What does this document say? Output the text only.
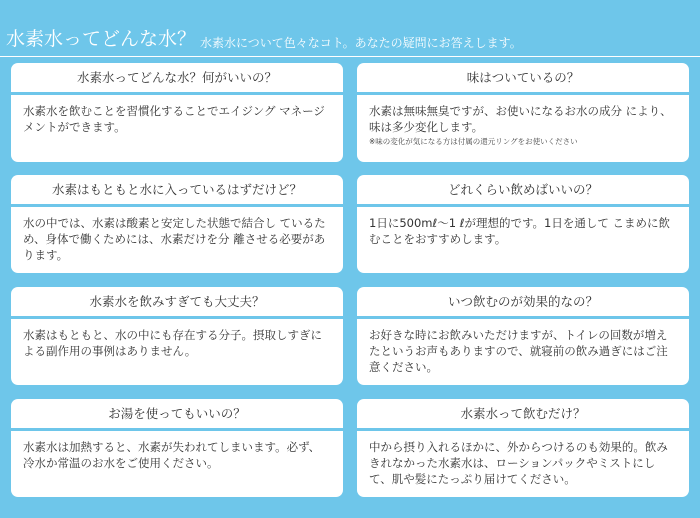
水素水ってどんな水？ 水素水について色々なコト。あなたの疑問にお答えします。
水素水ってどんな水？何がいいの？
水素水を飲むことを習慣化することでエイジング マネージメントができます。
味はついているの？
水素は無味無臭ですが、お使いになるお水の成分 により、味は多少変化します。
※味の変化が気になる方は付属の還元リングをお使いください
水素はもともと水に入っているはずだけど？
水の中では、水素は酸素と安定した状態で結合し ているため、身体で働くためには、水素だけを分 離させる必要があります。
どれくらい飲めばいいの？
1日に500mℓ～1 ℓが理想的です。1日を通して こまめに飲むことをおすすめします。
水素水を飲みすぎても大丈夫？
水素はもともと、水の中にも存在する分子。摂取しすぎによる副作用の事例はありません。
いつ飲むのが効果的なの？
お好きな時にお飲みいただけますが、トイレの回数が増えたというお声もありますので、就寝前の飲み過ぎにはご注意ください。
お湯を使ってもいいの？
水素水は加熱すると、水素が失われてしまいます。必ず、冷水か常温のお水をご使用ください。
水素水って飲むだけ？
中から摂り入れるほかに、外からつけるのも効果的。飲みきれなかった水素水は、ローションパックやミストにして、肌や髪にたっぷり届けてください。
